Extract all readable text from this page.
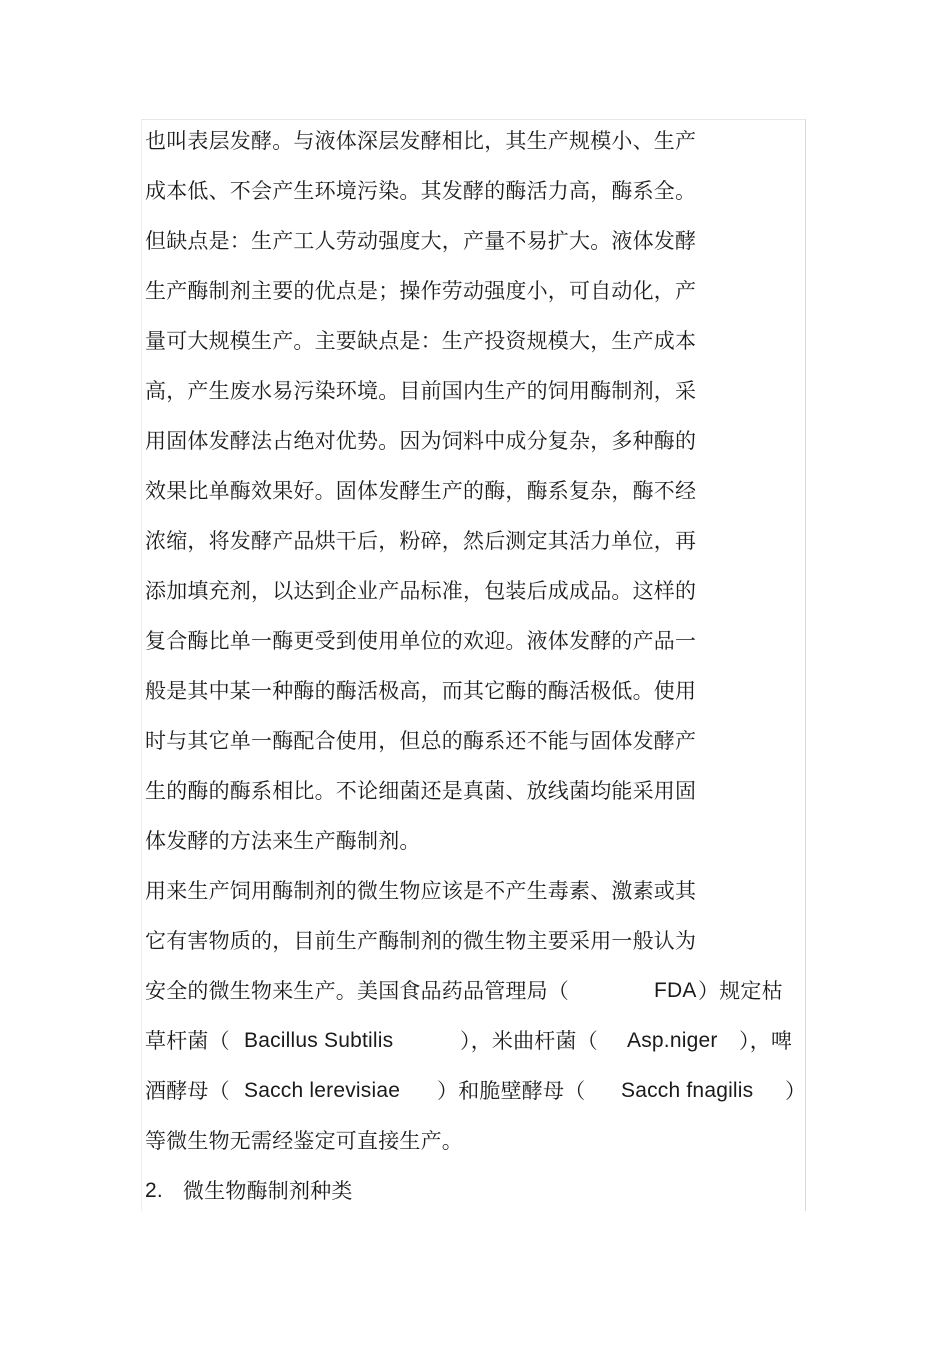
也叫表层发酵。与液体深层发酵相比，其生产规模小、生产
成本低、不会产生环境污染。其发酵的酶活力高，酶系全。
但缺点是：生产工人劳动强度大，产量不易扩大。液体发酵
生产酶制剂主要的优点是；操作劳动强度小，可自动化，产
量可大规模生产。主要缺点是：生产投资规模大，生产成本
高，产生废水易污染环境。目前国内生产的饲用酶制剂，采
用固体发酵法占绝对优势。因为饲料中成分复杂，多种酶的
效果比单酶效果好。固体发酵生产的酶，酶系复杂，酶不经
浓缩，将发酵产品烘干后，粉碎，然后测定其活力单位，再
添加填充剂，以达到企业产品标准，包装后成成品。这样的
复合酶比单一酶更受到使用单位的欢迎。液体发酵的产品一
般是其中某一种酶的酶活极高，而其它酶的酶活极低。使用
时与其它单一酶配合使用，但总的酶系还不能与固体发酵产
生的酶的酶系相比。不论细菌还是真菌、放线菌均能采用固
体发酵的方法来生产酶制剂。
用来生产饲用酶制剂的微生物应该是不产生毒素、激素或其
它有害物质的，目前生产酶制剂的微生物主要采用一般认为
安全的微生物来生产。美国食品药品管理局（	FDA ）规定枯
草杆菌（ Bacillus Subtilis	），米曲杆菌（ Asp.niger ），啤
酒酵母（ Sacch lerevisiae ）和脆壁酵母（ Sacch fnagilis ）
等微生物无需经鉴定可直接生产。
2. 微生物酶制剂种类
